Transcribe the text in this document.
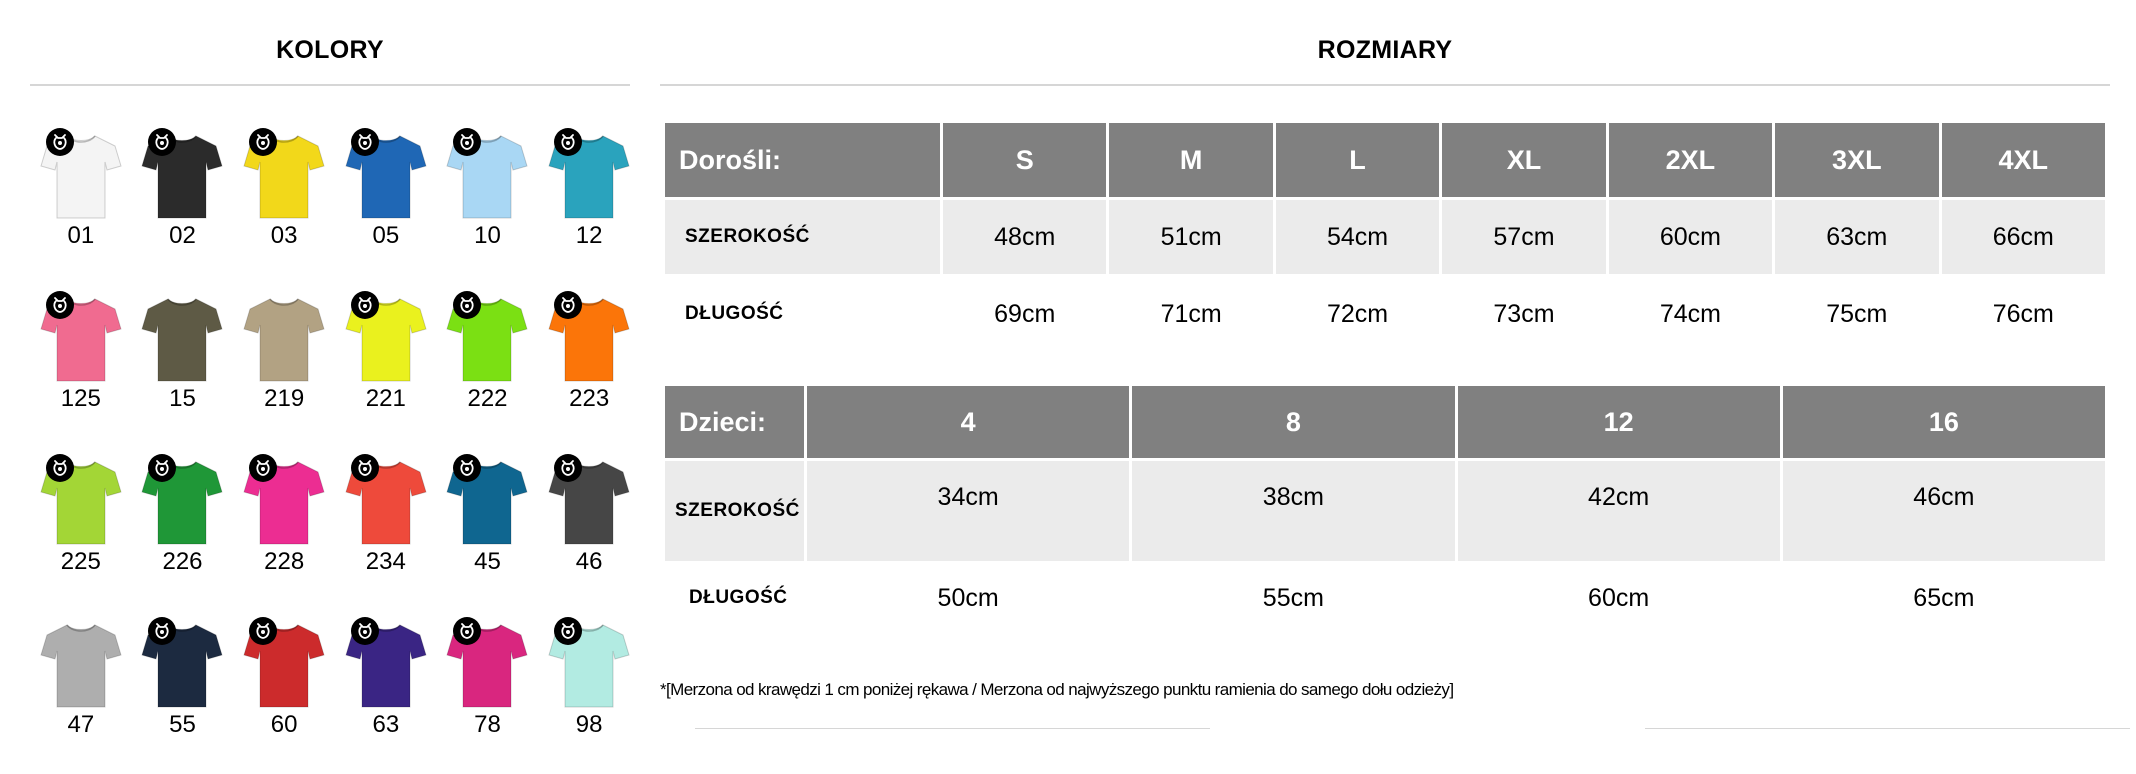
KOLORY	ROZMIARY
01	02	03	05	10	12
125	15	219	221	222	223
225	226	228	234	45	46
47	55	60	63	78	98
Dorośli:	S	M	L	XL	2XL	3XL	4XL
SZEROKOŚĆ	48cm	51cm	54cm	57cm	60cm	63cm	66cm
DŁUGOŚĆ	69cm	71cm	72cm	73cm	74cm	75cm	76cm
Dzieci:	4	8	12	16
SZEROKOŚĆ	34cm	38cm	42cm	46cm
DŁUGOŚĆ	50cm	55cm	60cm	65cm
*[Merzona od krawędzi 1 cm poniżej rękawa / Merzona od najwyższego punktu ramienia do samego dołu odzieży]
